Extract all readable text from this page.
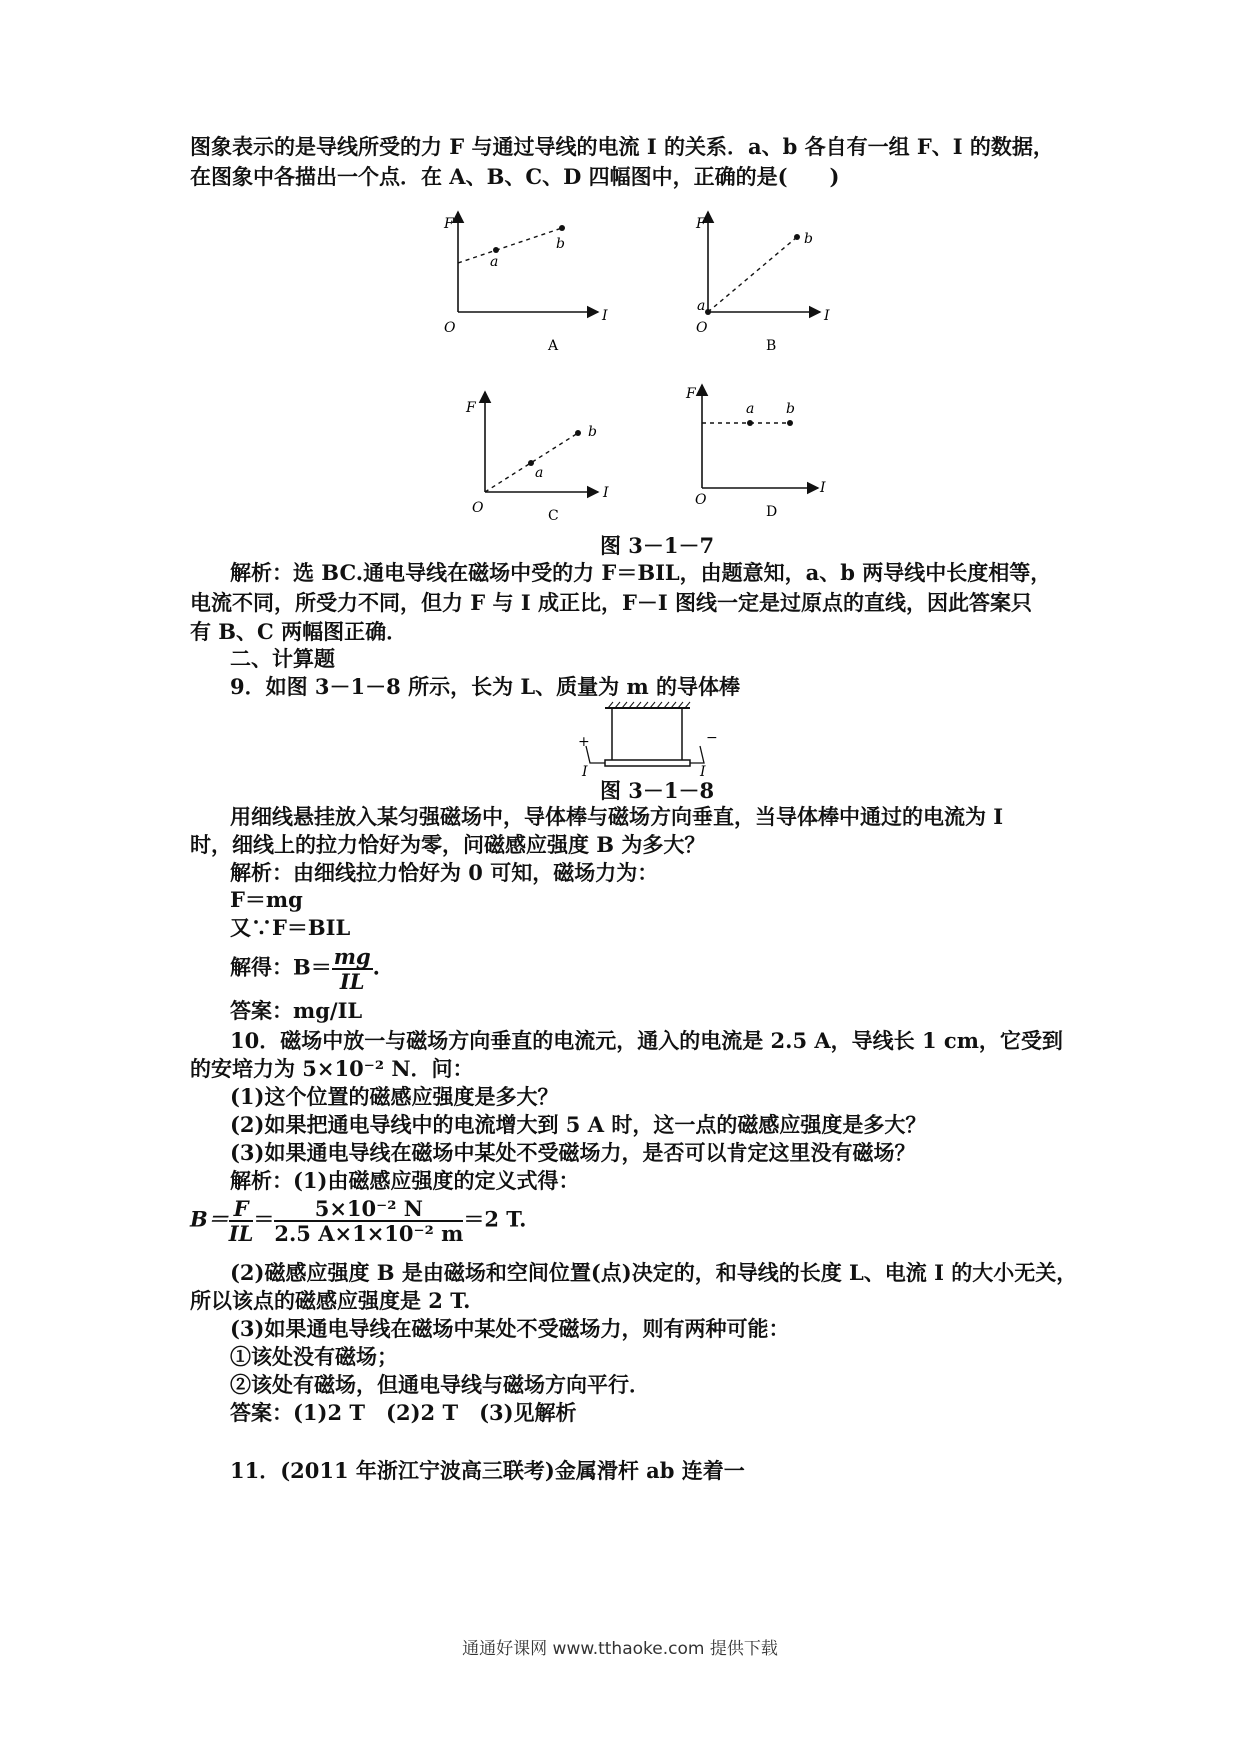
图象表示的是导线所受的力 F 与通过导线的电流 I 的关系．a、b 各自有一组 F、I 的数据，
在图象中各描出一个点．在 A、B、C、D 四幅图中，正确的是(　　)
F
I
O
a
b
A
F
I
O
a
b
B
F
I
O
a
b
C
F
I
O
a b
D
图 3－1－7
解析：选 BC.通电导线在磁场中受的力 F＝BIL，由题意知，a、b 两导线中长度相等，
电流不同，所受力不同，但力 F 与 I 成正比，F－I 图线一定是过原点的直线，因此答案只
有 B、C 两幅图正确．
二、计算题
9．如图 3－1－8 所示，长为 L、质量为 m 的导体棒
+	−
I	I
图 3－1－8
用细线悬挂放入某匀强磁场中，导体棒与磁场方向垂直，当导体棒中通过的电流为 I
时，细线上的拉力恰好为零，问磁感应强度 B 为多大？
解析：由细线拉力恰好为 0 可知，磁场力为：
F＝mg
又∵F＝BIL
解得：$B= \frac{mg}{IL}$ .
答案：mg/IL
10．磁场中放一与磁场方向垂直的电流元，通入的电流是 2.5 A，导线长 1 cm，它受到
的安培力为 5×10⁻² N．问：
(1)这个位置的磁感应强度是多大？
(2)如果把通电导线中的电流增大到 5 A 时，这一点的磁感应强度是多大？
(3)如果通电导线在磁场中某处不受磁场力，是否可以肯定这里没有磁场？
解析：(1)由磁感应强度的定义式得：
$B= \frac{F}{IL} = \frac{\text{5×10⁻² N}}{\text{2.5 A×1×10⁻² m}} =2$ T.
(2)磁感应强度 B 是由磁场和空间位置(点)决定的，和导线的长度 L、电流 I 的大小无关，
所以该点的磁感应强度是 2 T.
(3)如果通电导线在磁场中某处不受磁场力，则有两种可能：
①该处没有磁场；
②该处有磁场，但通电导线与磁场方向平行．
答案：(1)2 T　(2)2 T　(3)见解析
11．(2011 年浙江宁波高三联考)金属滑杆 ab 连着一
通通好课网 www.tthaoke.com 提供下载
